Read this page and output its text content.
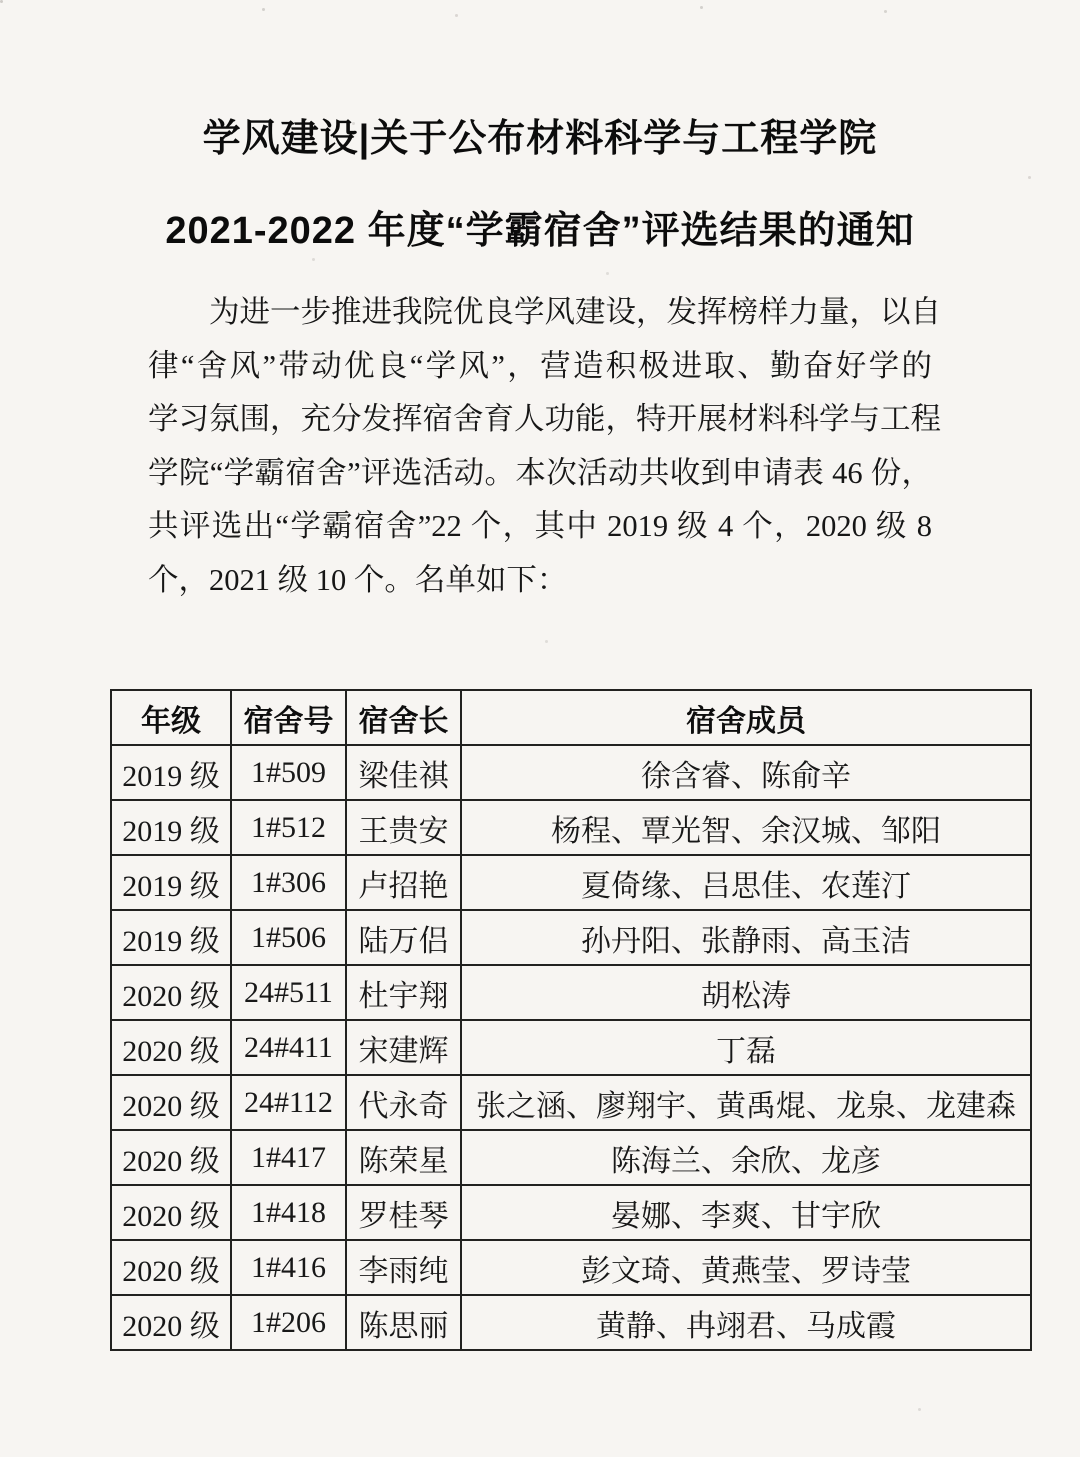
学风建设|关于公布材料科学与工程学院
2021-2022 年度“学霸宿舍”评选结果的通知
为进一步推进我院优良学风建设，发挥榜样力量，以自
律“舍风”带动优良“学风”，营造积极进取、勤奋好学的
学习氛围，充分发挥宿舍育人功能，特开展材料科学与工程
学院“学霸宿舍”评选活动。本次活动共收到申请表 46 份，
共评选出“学霸宿舍”22 个，其中 2019 级 4 个，2020 级 8
个，2021 级 10 个。名单如下：
年级	宿舍号	宿舍长	宿舍成员
2019 级	1#509	梁佳祺	徐含睿、陈俞辛
2019 级	1#512	王贵安	杨程、覃光智、余汉城、邹阳
2019 级	1#306	卢招艳	夏倚缘、吕思佳、农莲汀
2019 级	1#506	陆万侣	孙丹阳、张静雨、高玉洁
2020 级	24#511	杜宇翔	胡松涛
2020 级	24#411	宋建辉	丁磊
2020 级	24#112	代永奇	张之涵、廖翔宇、黄禹焜、龙泉、龙建森
2020 级	1#417	陈荣星	陈海兰、余欣、龙彦
2020 级	1#418	罗桂琴	晏娜、李爽、甘宇欣
2020 级	1#416	李雨纯	彭文琦、黄燕莹、罗诗莹
2020 级	1#206	陈思丽	黄静、冉翊君、马成霞
